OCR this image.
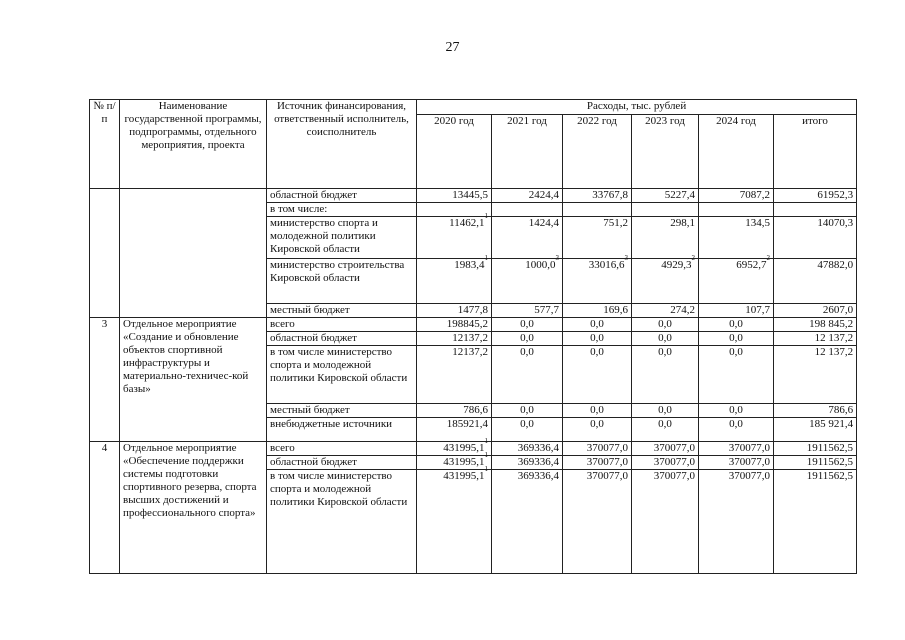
27
№ п/п	Наименование государственной программы, подпрограммы, отдельного мероприятия, проекта	Источник финансирования, ответственный исполнитель, соисполнитель	Расходы, тыс. рублей					
			2020 год	2021 год	2022 год	2023 год	2024 год	итого
		областной бюджет	13445,5	2424,4	33767,8	5227,4	7087,2	61952,3
		в том числе:						
		министерство спорта и молодежной политики Кировской области	11462,1$^1$	1424,4	751,2	298,1	134,5	14070,3
		министерство строительства Кировской области	1983,4$^1$	1000,0$^3$	33016,6$^3$	4929,3$^2$	6952,7$^2$	47882,0
		местный бюджет	1477,8	577,7	169,6	274,2	107,7	2607,0
3	Отдельное мероприятие «Создание и обновление объектов спортивной инфраструктуры и материально-техничес-кой базы»	всего	198845,2	0,0	0,0	0,0	0,0	198 845,2
		областной бюджет	12137,2	0,0	0,0	0,0	0,0	12 137,2
		в том числе министерство спорта и молодежной политики Кировской области	12137,2	0,0	0,0	0,0	0,0	12 137,2
		местный бюджет	786,6	0,0	0,0	0,0	0,0	786,6
		внебюджетные источники	185921,4	0,0	0,0	0,0	0,0	185 921,4
4	Отдельное мероприятие «Обеспечение поддержки системы подготовки спортивного резерва, спорта высших достижений и профессионального спорта»	всего	431995,1$^1$	369336,4	370077,0	370077,0	370077,0	1911562,5
		областной бюджет	431995,1$^1$	369336,4	370077,0	370077,0	370077,0	1911562,5
		в том числе министерство спорта и молодежной политики Кировской области	431995,1$^1$	369336,4	370077,0	370077,0	370077,0	1911562,5
